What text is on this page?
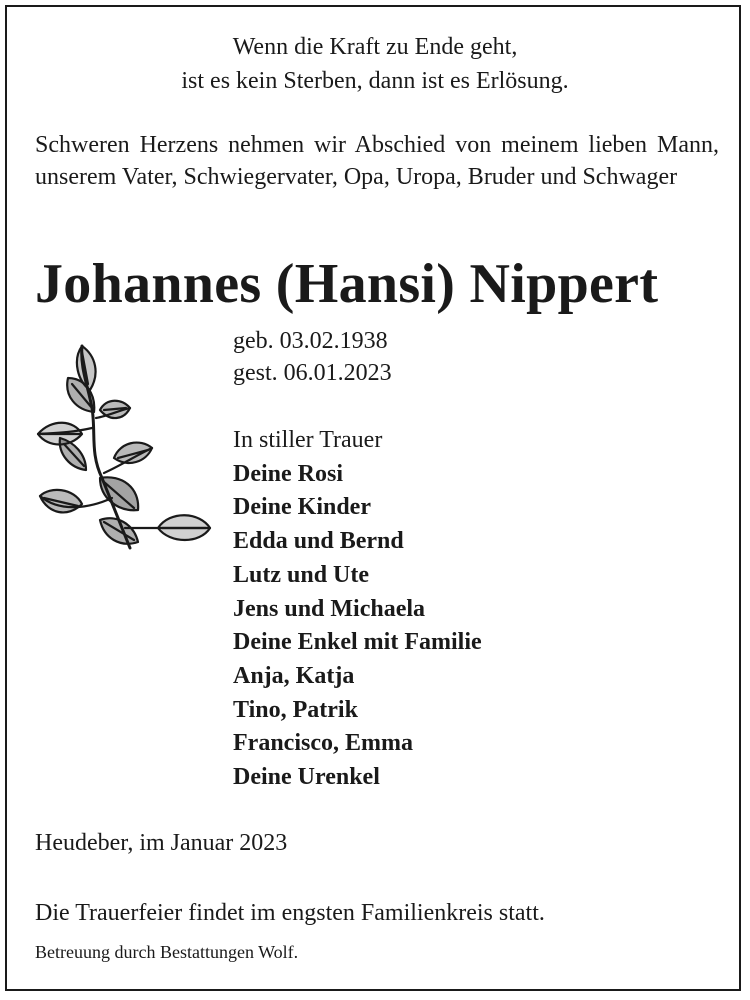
Wenn die Kraft zu Ende geht,
ist es kein Sterben, dann ist es Erlösung.
Schweren Herzens nehmen wir Abschied von meinem lieben Mann, unserem Vater, Schwiegervater, Opa, Uropa, Bruder und Schwager
Johannes (Hansi) Nippert
geb. 03.02.1938
gest. 06.01.2023
In stiller Trauer
Deine Rosi
Deine Kinder
Edda und Bernd
Lutz und Ute
Jens und Michaela
Deine Enkel mit Familie
Anja, Katja
Tino, Patrik
Francisco, Emma
Deine Urenkel
Heudeber, im Januar 2023
Die Trauerfeier findet im engsten Familienkreis statt.
Betreuung durch Bestattungen Wolf.
